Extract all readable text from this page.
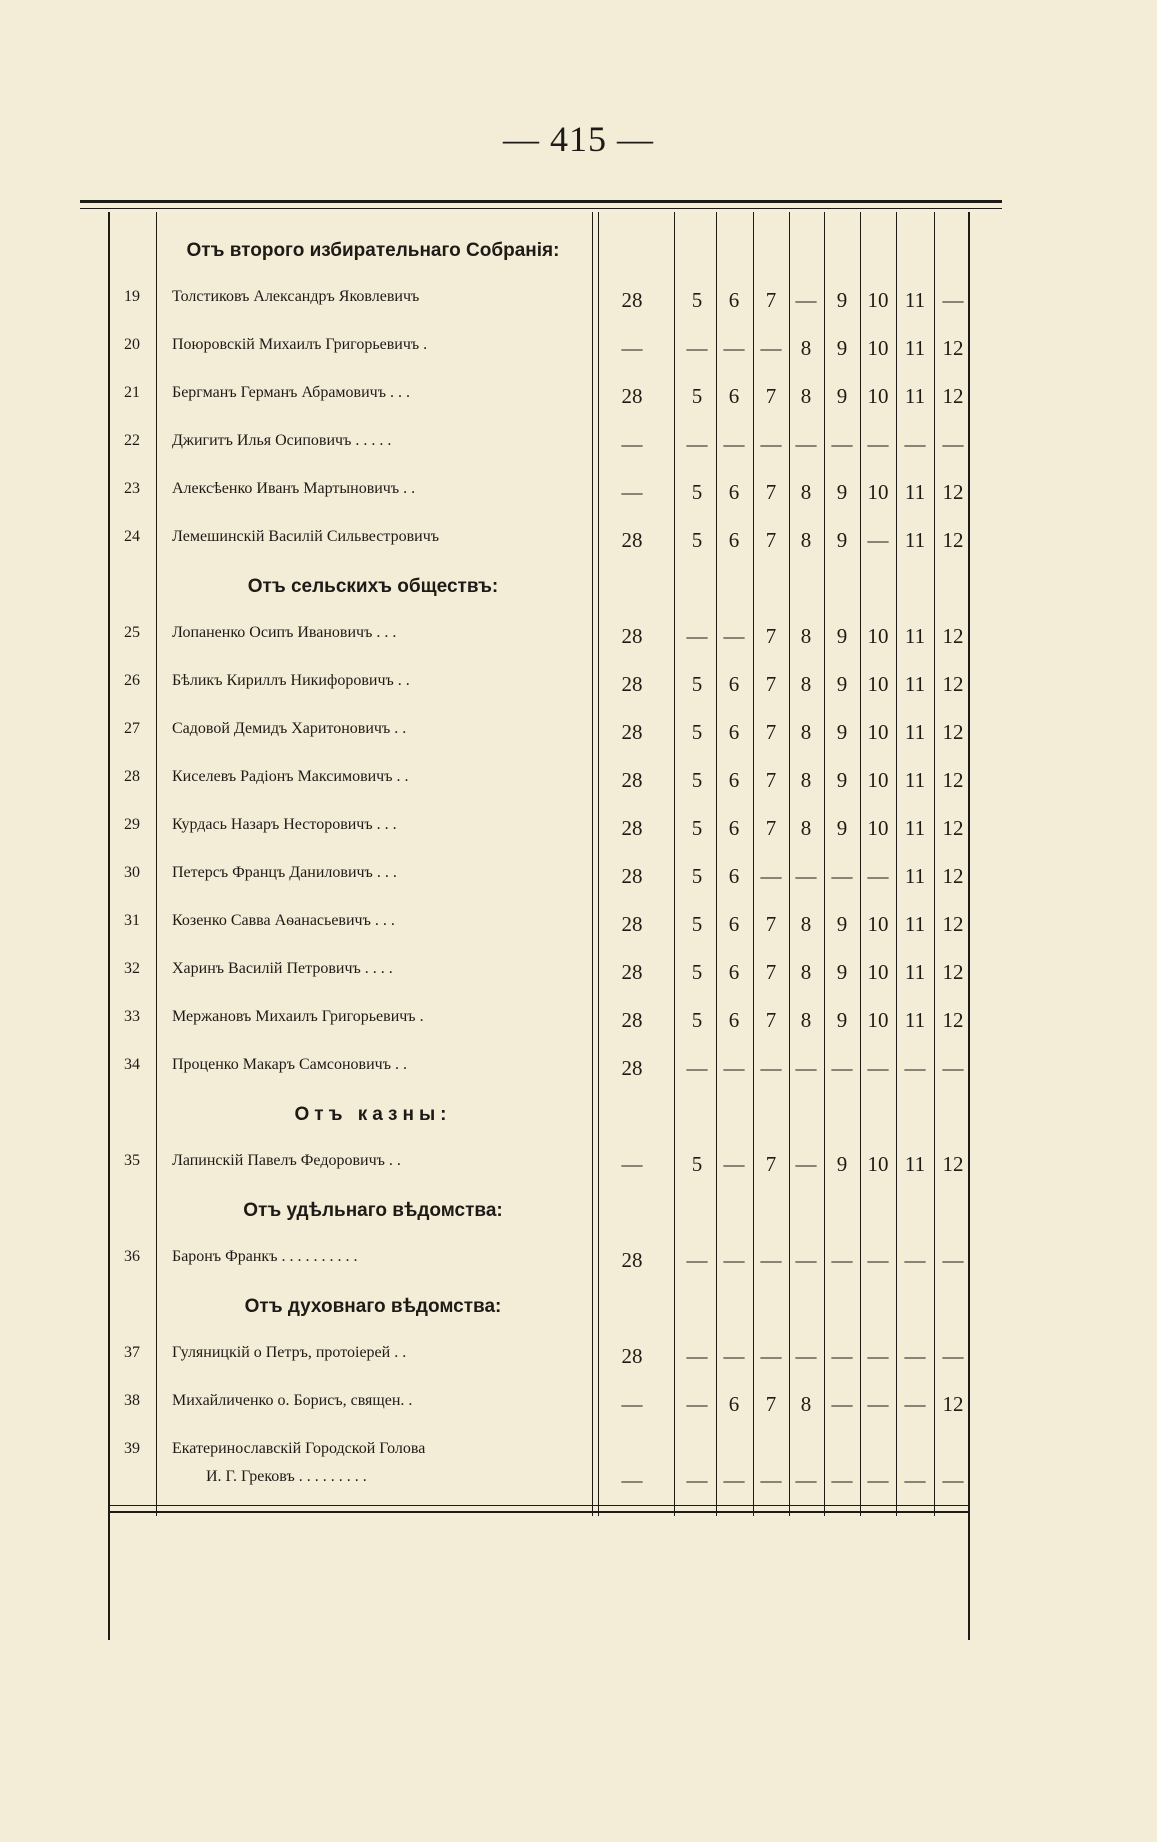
— 415 —
Отъ второго избирательнаго Собранія:
19	Толстиковъ Александръ Яковлевичъ	28	5	6	7 — 9 10 11 —
20	Поюровскій Михаилъ Григорьевичъ .	—	— — — 8	9 10 11 12
21	Бергманъ Германъ Абрамовичъ . . .	28	5	6	7	8	9 10 11 12
22	Джигитъ Илья Осиповичъ . . . . .	—	— — — — — — — —
23	Алексѣенко Иванъ Мартыновичъ . .	—	5	6	7	8	9 10 11 12
24	Лемешинскій Василій Сильвестровичъ	28	5	6	7	8	9 — 11 12
Отъ сельскихъ обществъ:
25	Лопаненко Осипъ Ивановичъ . . .	28	— —	7	8	9 10 11 12
26	Бѣликъ Кириллъ Никифоровичъ . .	28	5	6	7	8	9 10 11 12
27	Садовой Демидъ Харитоновичъ . .	28	5	6	7	8	9 10 11 12
28	Киселевъ Радіонъ Максимовичъ . .	28	5	6	7	8	9 10 11 12
29	Курдась Назаръ Несторовичъ . . .	28	5	6	7	8	9 10 11 12
30	Петерсъ Францъ Даниловичъ . . .	28	5	6	— — — — 11 12
31	Козенко Савва Аѳанасьевичъ . . .	28	5	6	7	8	9 10 11 12
32	Харинъ Василій Петровичъ . . . .	28	5	6	7	8	9 10 11 12
33	Мержановъ Михаилъ Григорьевичъ .	28	5	6	7	8	9 10 11 12
34	Проценко Макаръ Самсоновичъ . .	28	— — — — — — — —
Отъ казны:
35	Лапинскій Павелъ Федоровичъ . .	—	5	—	7 — 9 10 11 12
Отъ удѣльнаго вѣдомства:
36	Баронъ Франкъ . . . . . . . . . .	28	— — — — — — — —
Отъ духовнаго вѣдомства:
37	Гуляницкій о Петръ, протоіерей . .	28	— — — — — — — —
38	Михайличенко о. Борисъ, священ. .	—	—	6	7	8 — — — 12
39	Екатеринославскій Городской Голова
И. Г. Грековъ . . . . . . . . .	—	— — — — — — — —
